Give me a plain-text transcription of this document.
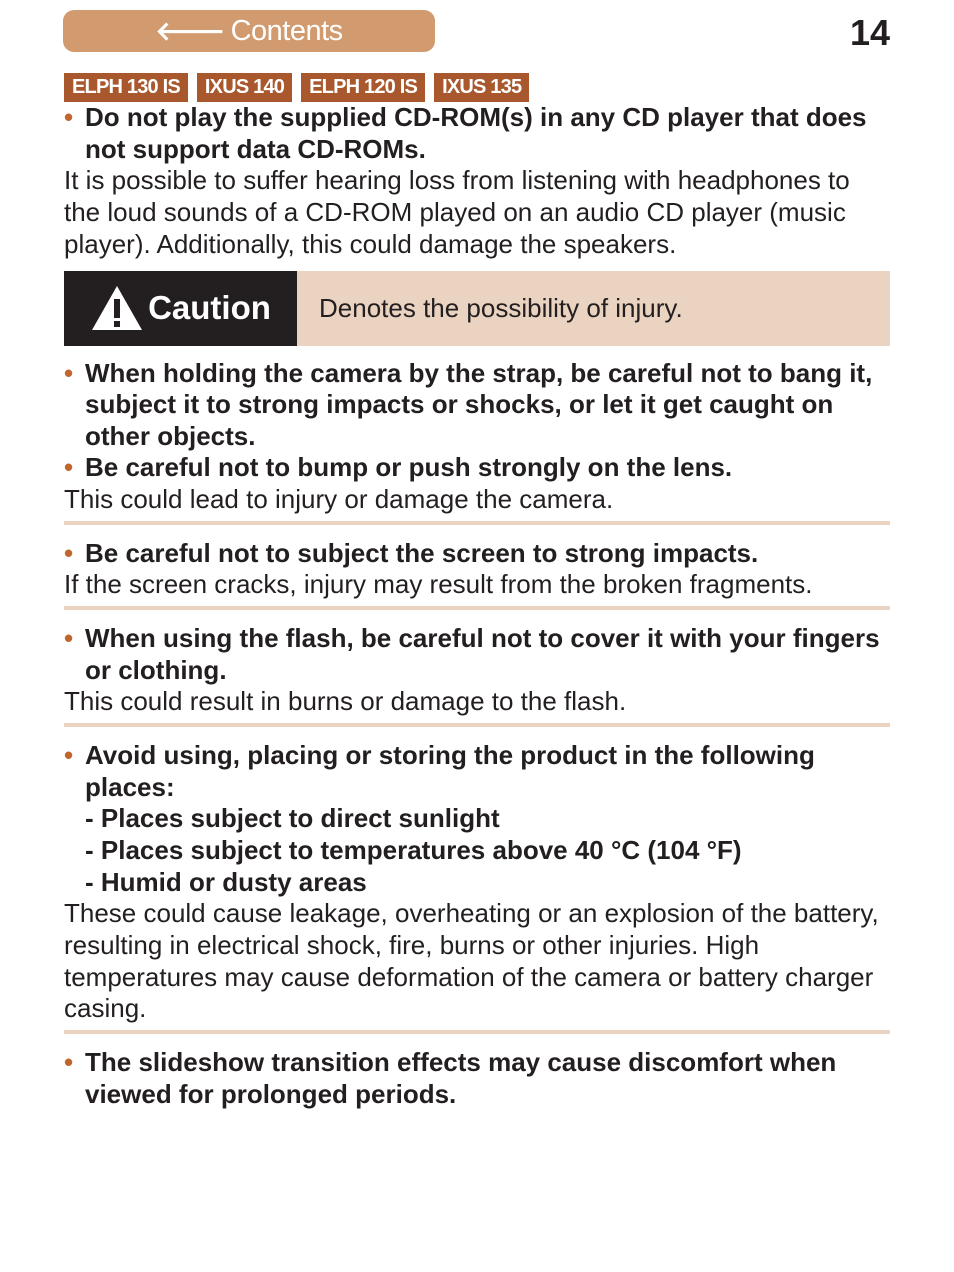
🡐 Contents	14
ELPH 130 IS	IXUS 140	ELPH 120 IS	IXUS 135
• Do not play the supplied CD-ROM(s) in any CD player that does not support data CD-ROMs.
It is possible to suffer hearing loss from listening with headphones to the loud sounds of a CD-ROM played on an audio CD player (music player). Additionally, this could damage the speakers.
Caution	Denotes the possibility of injury.
• When holding the camera by the strap, be careful not to bang it, subject it to strong impacts or shocks, or let it get caught on other objects.
• Be careful not to bump or push strongly on the lens.
This could lead to injury or damage the camera.
• Be careful not to subject the screen to strong impacts.
If the screen cracks, injury may result from the broken fragments.
• When using the flash, be careful not to cover it with your fingers or clothing.
This could result in burns or damage to the flash.
• Avoid using, placing or storing the product in the following places:
- Places subject to direct sunlight
- Places subject to temperatures above 40 °C (104 °F)
- Humid or dusty areas
These could cause leakage, overheating or an explosion of the battery, resulting in electrical shock, fire, burns or other injuries. High temperatures may cause deformation of the camera or battery charger casing.
• The slideshow transition effects may cause discomfort when viewed for prolonged periods.
